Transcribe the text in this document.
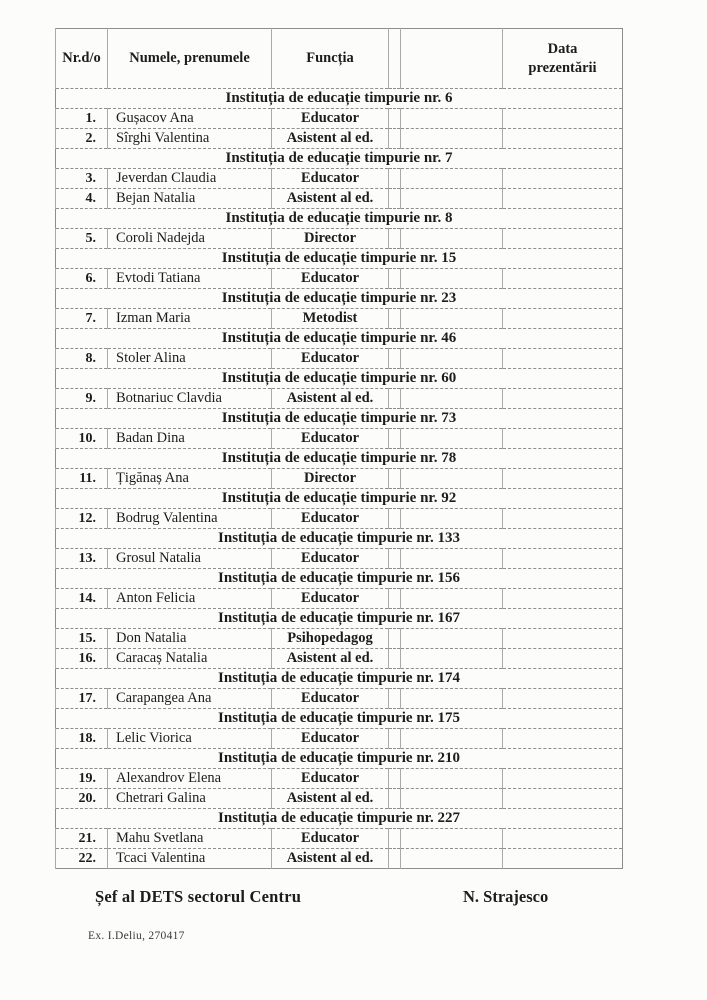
Nr.d/o	Numele, prenumele	Funcția			Data prezentării
Instituția de educație timpurie nr. 6					
1.	Gușacov Ana	Educator			
2.	Sîrghi Valentina	Asistent al ed.			
Instituția de educație timpurie nr. 7					
3.	Jeverdan Claudia	Educator			
4.	Bejan Natalia	Asistent al ed.			
Instituția de educație timpurie nr. 8					
5.	Coroli Nadejda	Director			
Instituția de educație timpurie nr. 15					
6.	Evtodi Tatiana	Educator			
Instituția de educație timpurie nr. 23					
7.	Izman Maria	Metodist			
Instituția de educație timpurie nr. 46					
8.	Stoler Alina	Educator			
Instituția de educație timpurie nr. 60					
9.	Botnariuc Clavdia	Asistent al ed.			
Instituția de educație timpurie nr. 73					
10.	Badan Dina	Educator			
Instituția de educație timpurie nr. 78					
11.	Țigănaș Ana	Director			
Instituția de educație timpurie nr. 92					
12.	Bodrug Valentina	Educator			
Instituția de educație timpurie nr. 133					
13.	Grosul Natalia	Educator			
Instituția de educație timpurie nr. 156					
14.	Anton Felicia	Educator			
Instituția de educație timpurie nr. 167					
15.	Don Natalia	Psihopedagog			
16.	Caracaș Natalia	Asistent al ed.			
Instituția de educație timpurie nr. 174					
17.	Carapangea Ana	Educator			
Instituția de educație timpurie nr. 175					
18.	Lelic Viorica	Educator			
Instituția de educație timpurie nr. 210					
19.	Alexandrov Elena	Educator			
20.	Chetrari Galina	Asistent al ed.			
Instituția de educație timpurie nr. 227					
21.	Mahu Svetlana	Educator			
22.	Tcaci Valentina	Asistent al ed.			
Șef al DETS sectorul Centru	N. Strajesco
Ex. I.Deliu, 270417
